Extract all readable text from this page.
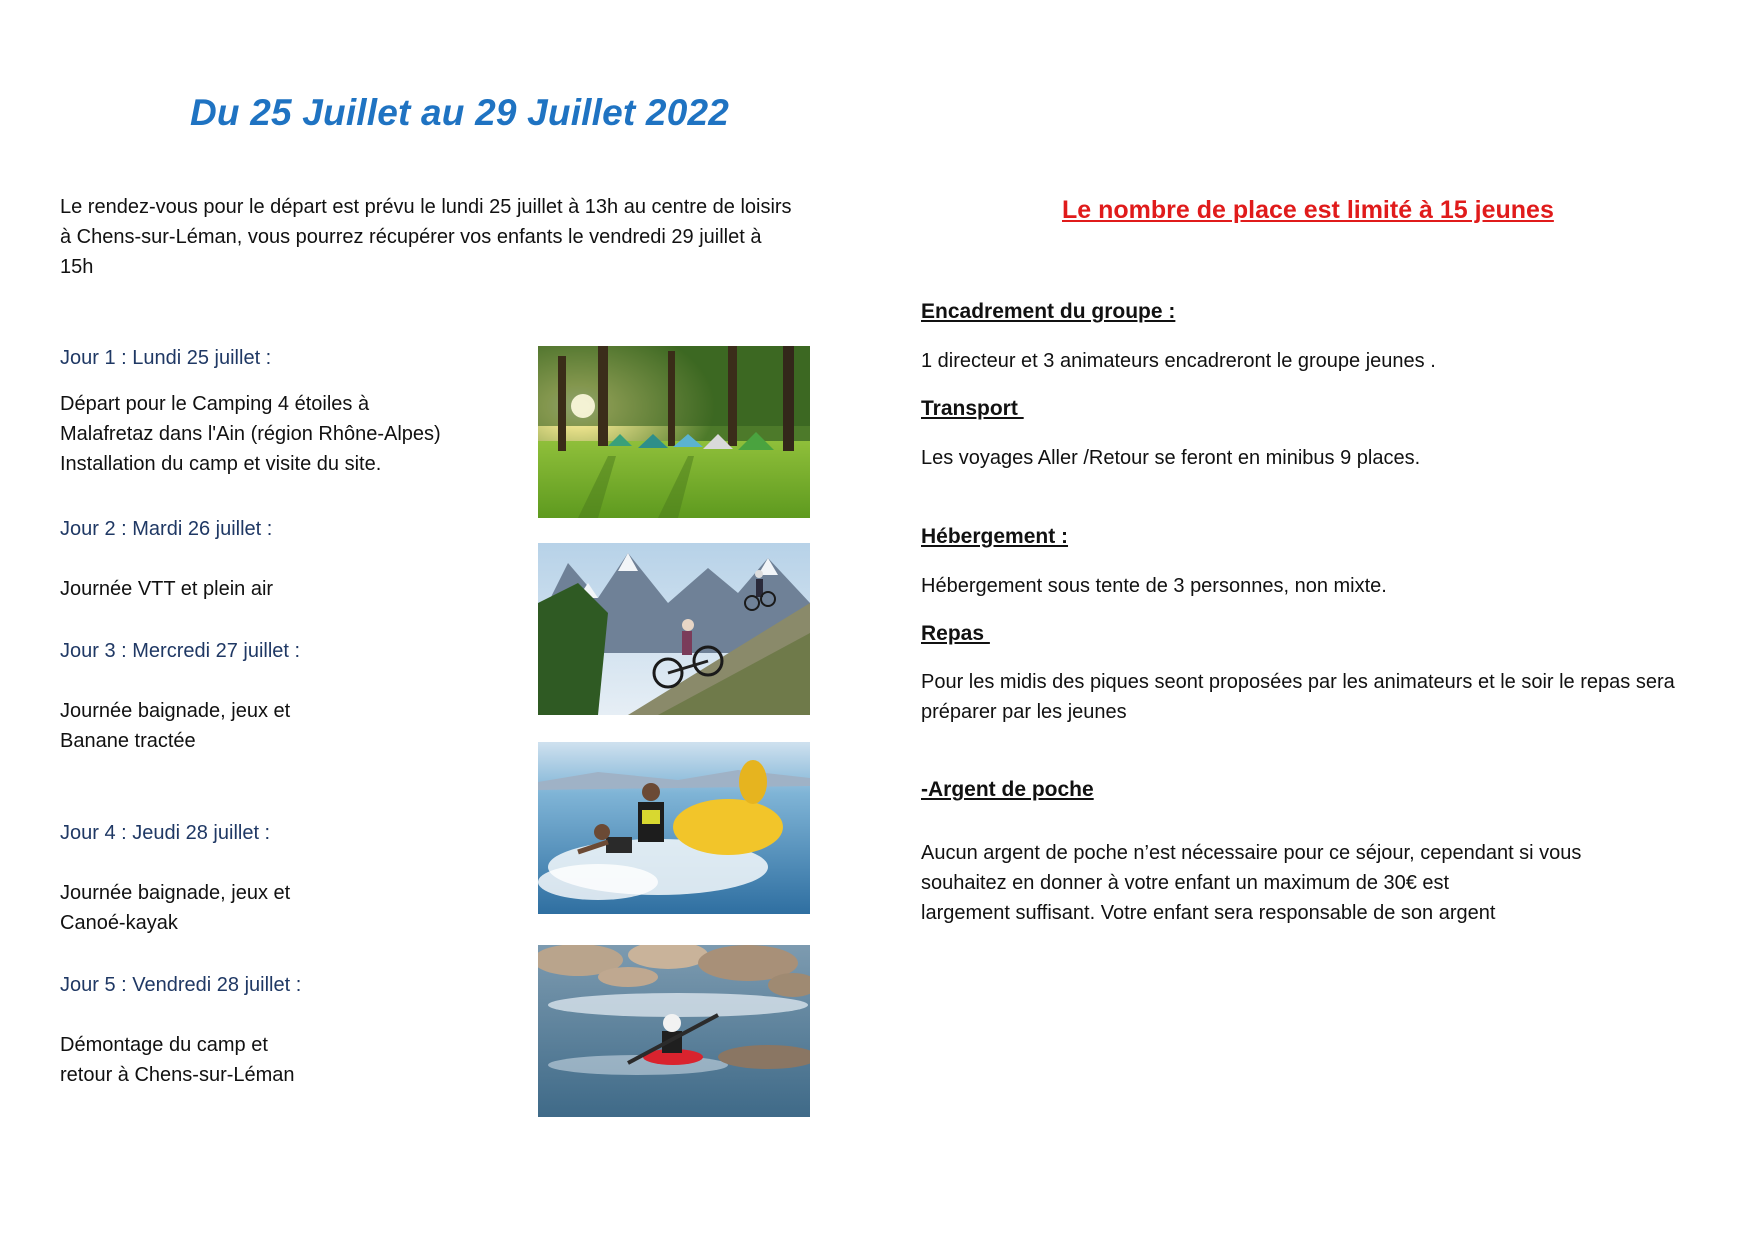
Du 25 Juillet au 29 Juillet 2022
Le rendez-vous pour le départ est prévu le lundi 25 juillet à 13h au centre de loisirs
à Chens-sur-Léman, vous pourrez récupérer vos enfants le vendredi 29 juillet à
15h
Jour 1 : Lundi 25 juillet :
Départ pour le Camping 4 étoiles à
Malafretaz dans l'Ain (région Rhône-Alpes)
Installation du camp et visite du site.
Jour 2 : Mardi 26 juillet :
Journée VTT et plein air
Jour 3 : Mercredi 27 juillet :
Journée baignade, jeux et
Banane tractée
Jour 4 : Jeudi 28 juillet :
Journée baignade, jeux et
Canoé-kayak
Jour 5 : Vendredi 28 juillet :
Démontage du camp et
retour à Chens-sur-Léman
Le nombre de place est limité à 15 jeunes
Encadrement du groupe :
1 directeur et 3 animateurs encadreront le groupe jeunes .
Transport
Les voyages Aller /Retour se feront en minibus 9 places.
Hébergement :
Hébergement sous tente de 3 personnes, non mixte.
Repas
Pour les midis des piques seont proposées par les animateurs et le soir le repas sera
préparer par les jeunes
-Argent de poche
Aucun argent de poche n’est nécessaire pour ce séjour, cependant si vous
souhaitez en donner à votre enfant un maximum de 30€ est
largement suffisant. Votre enfant sera responsable de son argent
